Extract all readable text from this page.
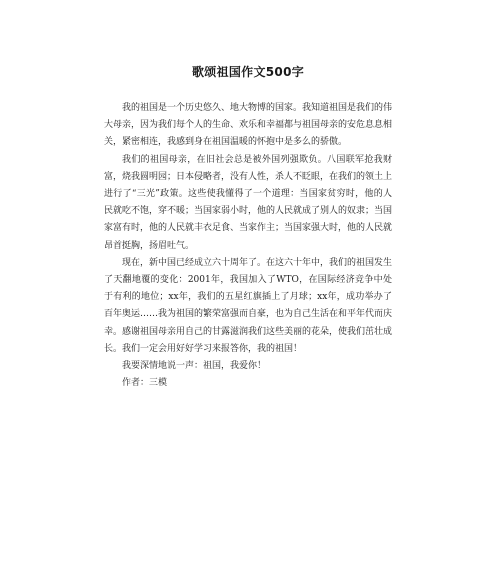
歌颂祖国作文500字

我的祖国是一个历史悠久、地大物博的国家。我知道祖国是我们的伟大母亲，因为我们每个人的生命、欢乐和幸福都与祖国母亲的安危息息相关，紧密相连，我感到身在祖国温暖的怀抱中是多么的骄傲。

我们的祖国母亲，在旧社会总是被外国列强欺负。八国联军抢我财富，烧我圆明园；日本侵略者，没有人性，杀人不眨眼，在我们的领土上进行了“三光”政策。这些使我懂得了一个道理：当国家贫穷时，他的人民就吃不饱，穿不暖；当国家弱小时，他的人民就成了别人的奴隶；当国家富有时，他的人民就丰衣足食、当家作主；当国家强大时，他的人民就昂首挺胸，扬眉吐气。

现在，新中国已经成立六十周年了。在这六十年中，我们的祖国发生了天翻地覆的变化：2001年，我国加入了WTO，在国际经济竞争中处于有利的地位；xx年，我们的五星红旗插上了月球；xx年，成功举办了百年奥运……我为祖国的繁荣富强而自豪，也为自己生活在和平年代而庆幸。感谢祖国母亲用自己的甘露滋润我们这些美丽的花朵，使我们茁壮成长。我们一定会用好好学习来报答你，我的祖国！

我要深情地说一声：祖国，我爱你！

作者：三模
